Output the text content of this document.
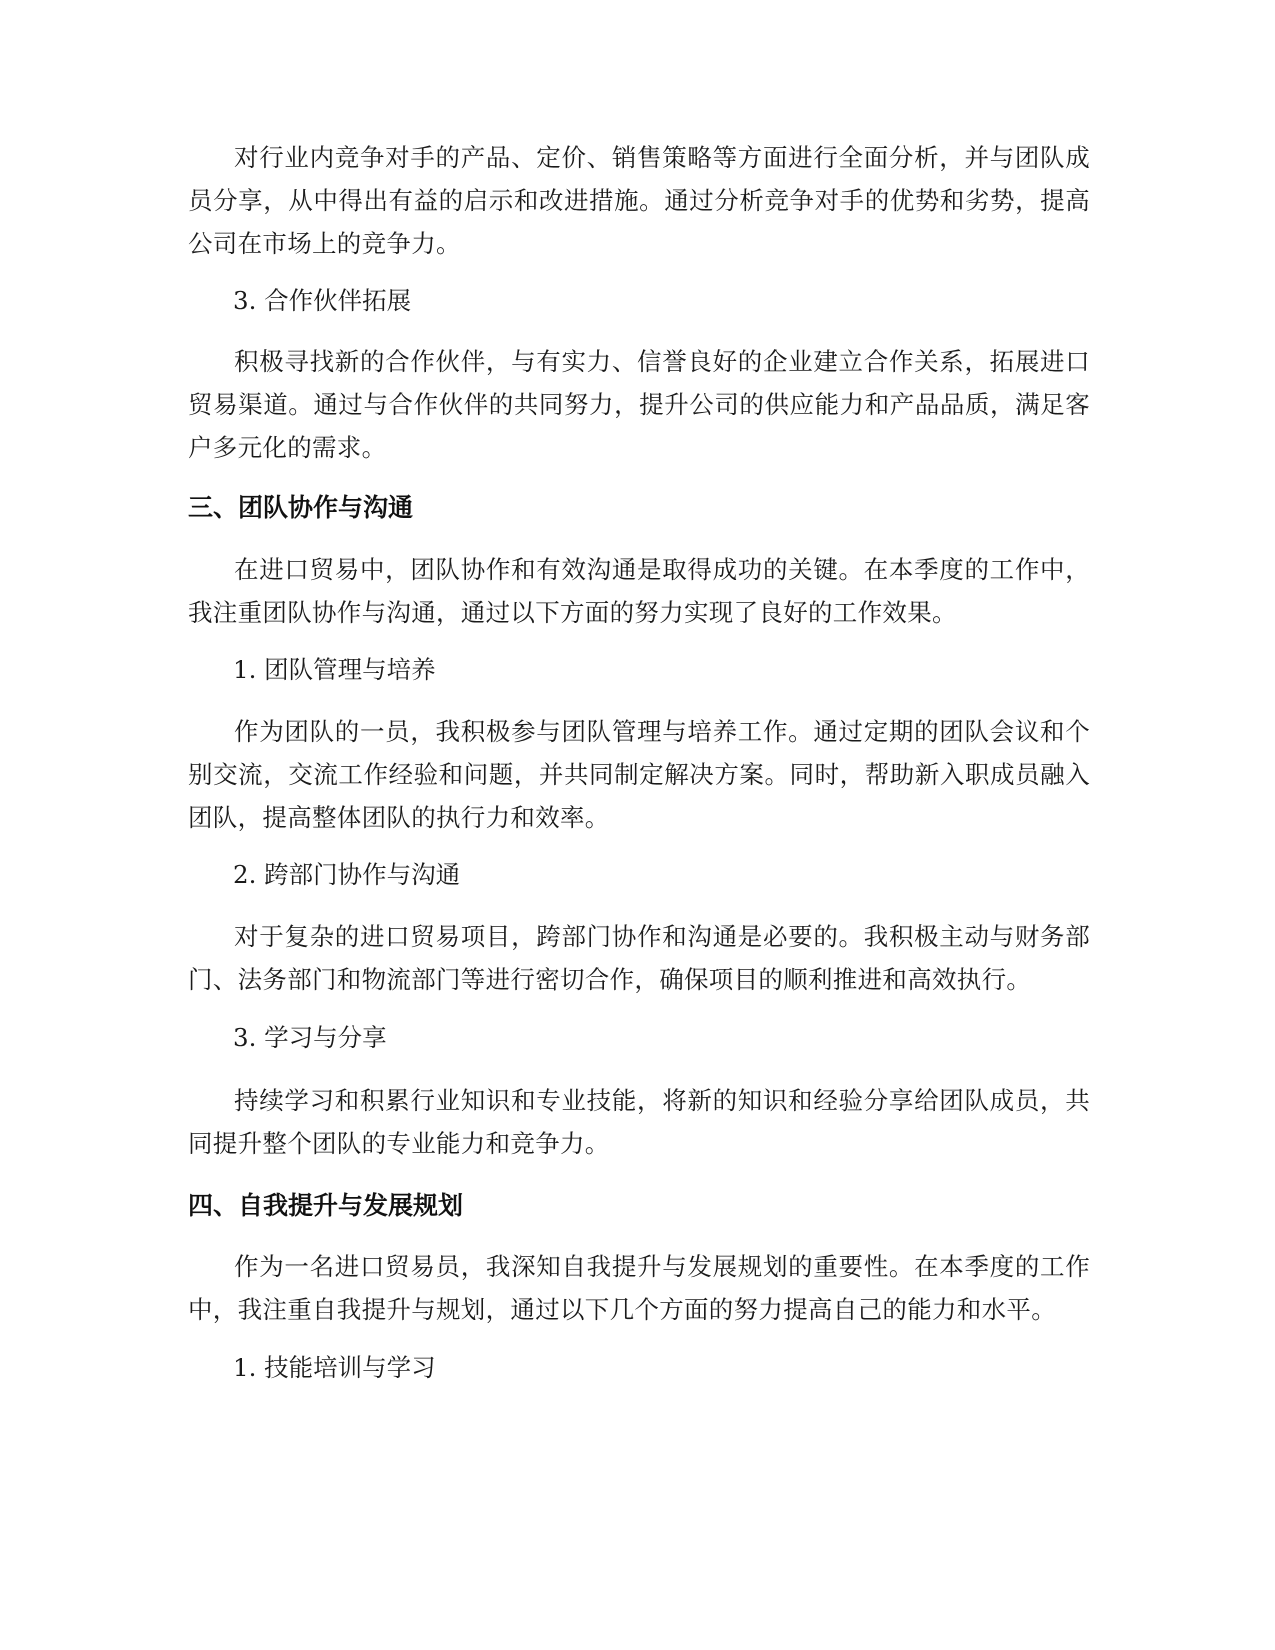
对行业内竞争对手的产品、定价、销售策略等方面进行全面分析，并与团队成员分享，从中得出有益的启示和改进措施。通过分析竞争对手的优势和劣势，提高公司在市场上的竞争力。

3. 合作伙伴拓展

积极寻找新的合作伙伴，与有实力、信誉良好的企业建立合作关系，拓展进口贸易渠道。通过与合作伙伴的共同努力，提升公司的供应能力和产品品质，满足客户多元化的需求。

三、团队协作与沟通

在进口贸易中，团队协作和有效沟通是取得成功的关键。在本季度的工作中，我注重团队协作与沟通，通过以下方面的努力实现了良好的工作效果。

1. 团队管理与培养

作为团队的一员，我积极参与团队管理与培养工作。通过定期的团队会议和个别交流，交流工作经验和问题，并共同制定解决方案。同时，帮助新入职成员融入团队，提高整体团队的执行力和效率。

2. 跨部门协作与沟通

对于复杂的进口贸易项目，跨部门协作和沟通是必要的。我积极主动与财务部门、法务部门和物流部门等进行密切合作，确保项目的顺利推进和高效执行。

3. 学习与分享

持续学习和积累行业知识和专业技能，将新的知识和经验分享给团队成员，共同提升整个团队的专业能力和竞争力。

四、自我提升与发展规划

作为一名进口贸易员，我深知自我提升与发展规划的重要性。在本季度的工作中，我注重自我提升与规划，通过以下几个方面的努力提高自己的能力和水平。

1. 技能培训与学习
